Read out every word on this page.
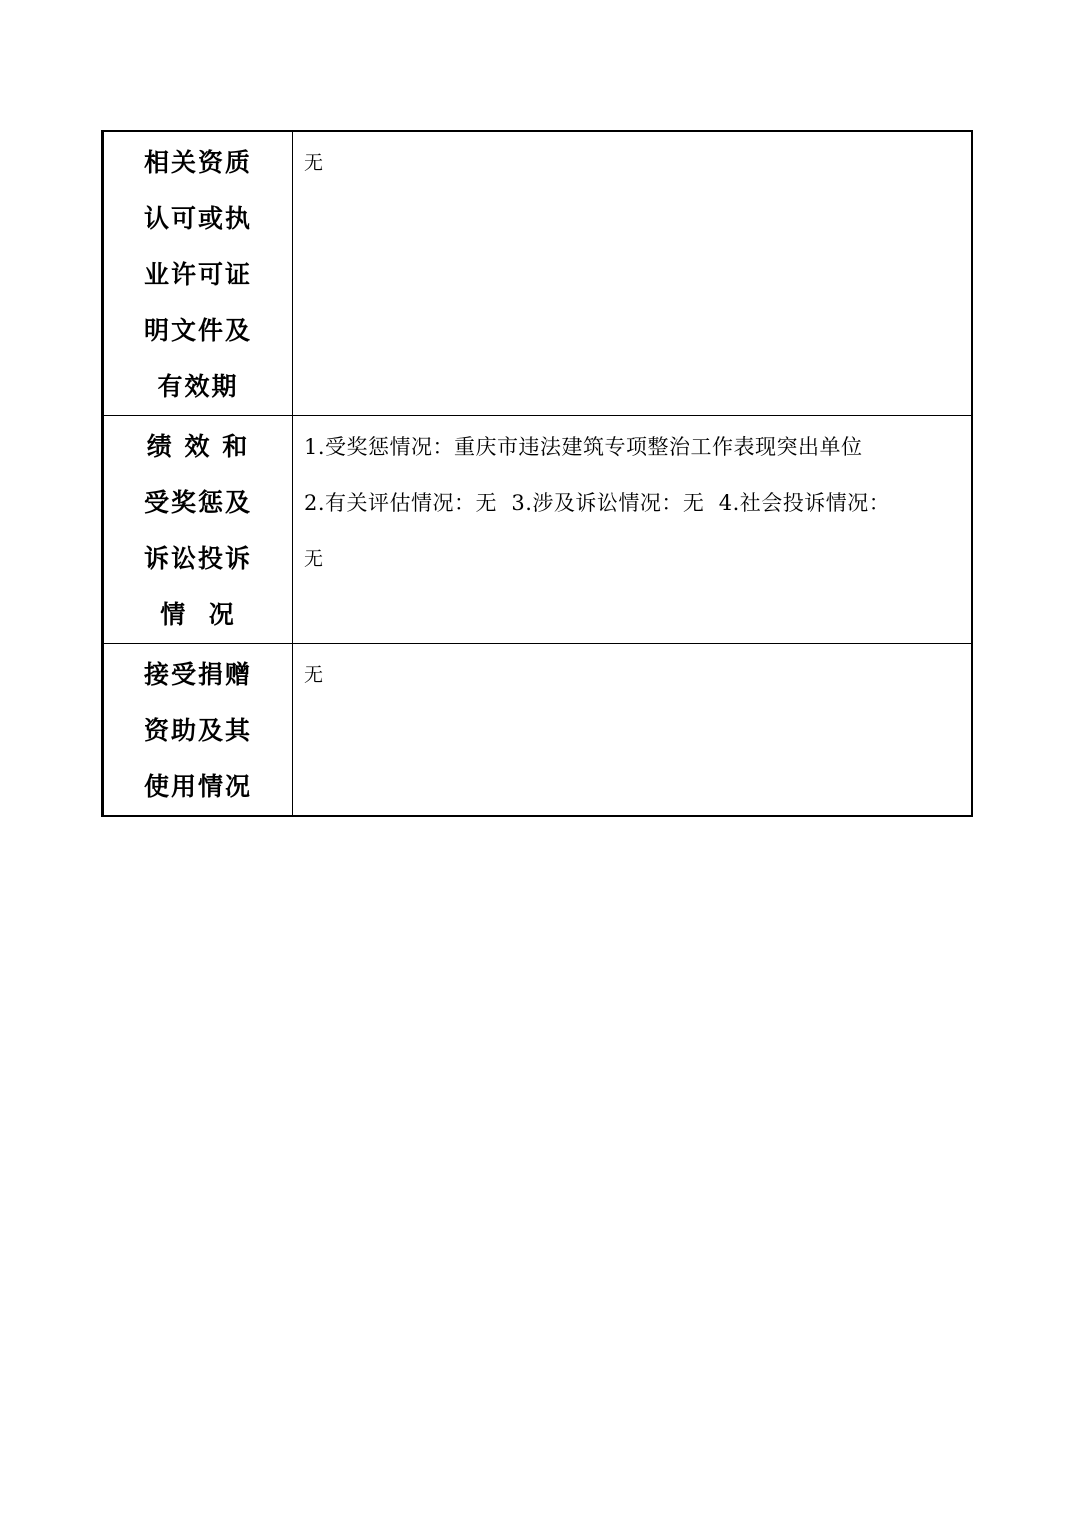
相关资质
认可或执
业许可证
明文件及
有效期	无

绩 效 和
受奖惩及
诉讼投诉
情  况	1.受奖惩情况：重庆市违法建筑专项整治工作表现突出单位
2.有关评估情况：无  3.涉及诉讼情况：无  4.社会投诉情况：
无

接受捐赠
资助及其
使用情况	无
